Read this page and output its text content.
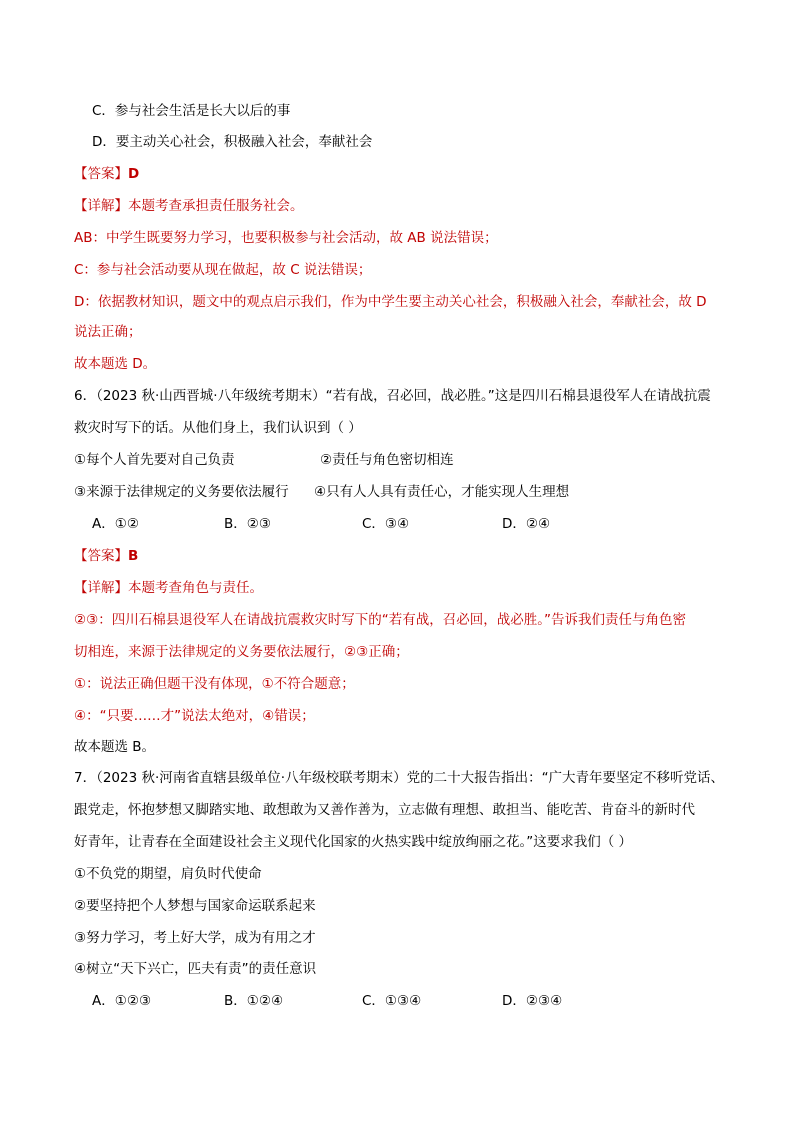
C．参与社会生活是长大以后的事
D．要主动关心社会，积极融入社会，奉献社会
【答案】D
【详解】本题考查承担责任服务社会。
AB：中学生既要努力学习，也要积极参与社会活动，故 AB 说法错误；
C：参与社会活动要从现在做起，故 C 说法错误；
D：依据教材知识，题文中的观点启示我们，作为中学生要主动关心社会，积极融入社会，奉献社会，故 D
说法正确；
故本题选 D。
6．（2023 秋·山西晋城·八年级统考期末）“若有战，召必回，战必胜。”这是四川石棉县退役军人在请战抗震
救灾时写下的话。从他们身上，我们认识到（ ）
①每个人首先要对自己负责	②责任与角色密切相连
③来源于法律规定的义务要依法履行 ④只有人人具有责任心，才能实现人生理想
A．①②	B．②③	C．③④	D．②④
【答案】B
【详解】本题考查角色与责任。
②③：四川石棉县退役军人在请战抗震救灾时写下的“若有战，召必回，战必胜。”告诉我们责任与角色密
切相连，来源于法律规定的义务要依法履行，②③正确；
①：说法正确但题干没有体现，①不符合题意；
④：“只要……才”说法太绝对，④错误；
故本题选 B。
7．（2023 秋·河南省直辖县级单位·八年级校联考期末）党的二十大报告指出：“广大青年要坚定不移听党话、
跟党走，怀抱梦想又脚踏实地、敢想敢为又善作善为，立志做有理想、敢担当、能吃苦、肯奋斗的新时代
好青年，让青春在全面建设社会主义现代化国家的火热实践中绽放绚丽之花。”这要求我们（ ）
①不负党的期望，肩负时代使命
②要坚持把个人梦想与国家命运联系起来
③努力学习，考上好大学，成为有用之才
④树立“天下兴亡，匹夫有责”的责任意识
A．①②③	B．①②④	C．①③④	D．②③④
